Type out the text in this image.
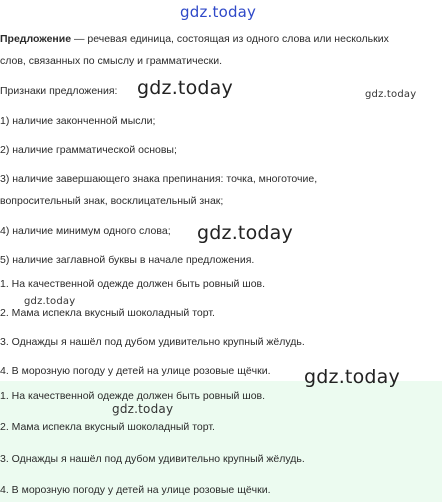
gdz.today
Предложение — речевая единица, состоящая из одного слова или нескольких
слов, связанных по смыслу и грамматически.
Признаки предложения: gdz.today	gdz.today
1) наличие законченной мысли;
2) наличие грамматической основы;
3) наличие завершающего знака препинания: точка, многоточие,
вопросительный знак, восклицательный знак;
4) наличие минимум одного слова; gdz.today
5) наличие заглавной буквы в начале предложения.
1. На качественной одежде должен быть ровный шов.
gdz.today
2. Мама испекла вкусный шоколадный торт.
3. Однажды я нашёл под дубом удивительно крупный жёлудь.
4. В морозную погоду у детей на улице розовые щёчки. gdz.today
1. На качественной одежде должен быть ровный шов.
gdz.today
2. Мама испекла вкусный шоколадный торт.
3. Однажды я нашёл под дубом удивительно крупный жёлудь.
4. В морозную погоду у детей на улице розовые щёчки.
